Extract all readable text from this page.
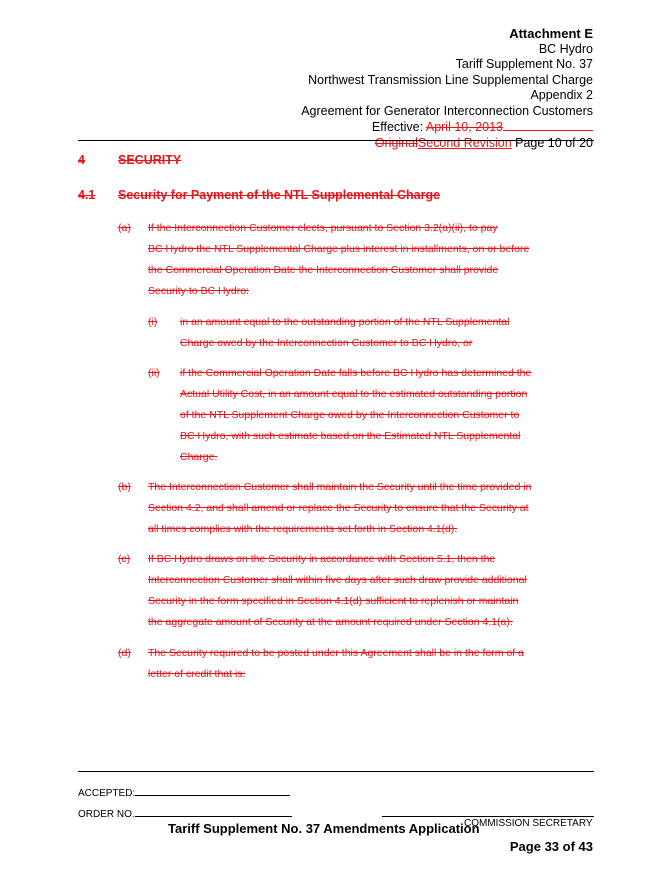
Attachment E
BC Hydro
Tariff Supplement No. 37
Northwest Transmission Line Supplemental Charge
Appendix 2
Agreement for Generator Interconnection Customers
Effective: April 10, 2013
OriginalSecond Revision Page 10 of 20
4	SECURITY
4.1 Security for Payment of the NTL Supplemental Charge
(a) If the Interconnection Customer elects, pursuant to Section 3.2(a)(ii), to pay
BC Hydro the NTL Supplemental Charge plus interest in installments, on or before
the Commercial Operation Date the Interconnection Customer shall provide
Security to BC Hydro:
(i) in an amount equal to the outstanding portion of the NTL Supplemental
Charge owed by the Interconnection Customer to BC Hydro, or
(ii) if the Commercial Operation Date falls before BC Hydro has determined the
Actual Utility Cost, in an amount equal to the estimated outstanding portion
of the NTL Supplement Charge owed by the Interconnection Customer to
BC Hydro, with such estimate based on the Estimated NTL Supplemental
Charge.
(b) The Interconnection Customer shall maintain the Security until the time provided in
Section 4.2, and shall amend or replace the Security to ensure that the Security at
all times complies with the requirements set forth in Section 4.1(d).
(c) If BC Hydro draws on the Security in accordance with Section 5.1, then the
Interconnection Customer shall within five days after such draw provide additional
Security in the form specified in Section 4.1(d) sufficient to replenish or maintain
the aggregate amount of Security at the amount required under Section 4.1(a).
(d) The Security required to be posted under this Agreement shall be in the form of a
letter of credit that is:
ACCEPTED:
ORDER NO.
COMMISSION SECRETARY
Tariff Supplement No. 37 Amendments Application
Page 33 of 43
